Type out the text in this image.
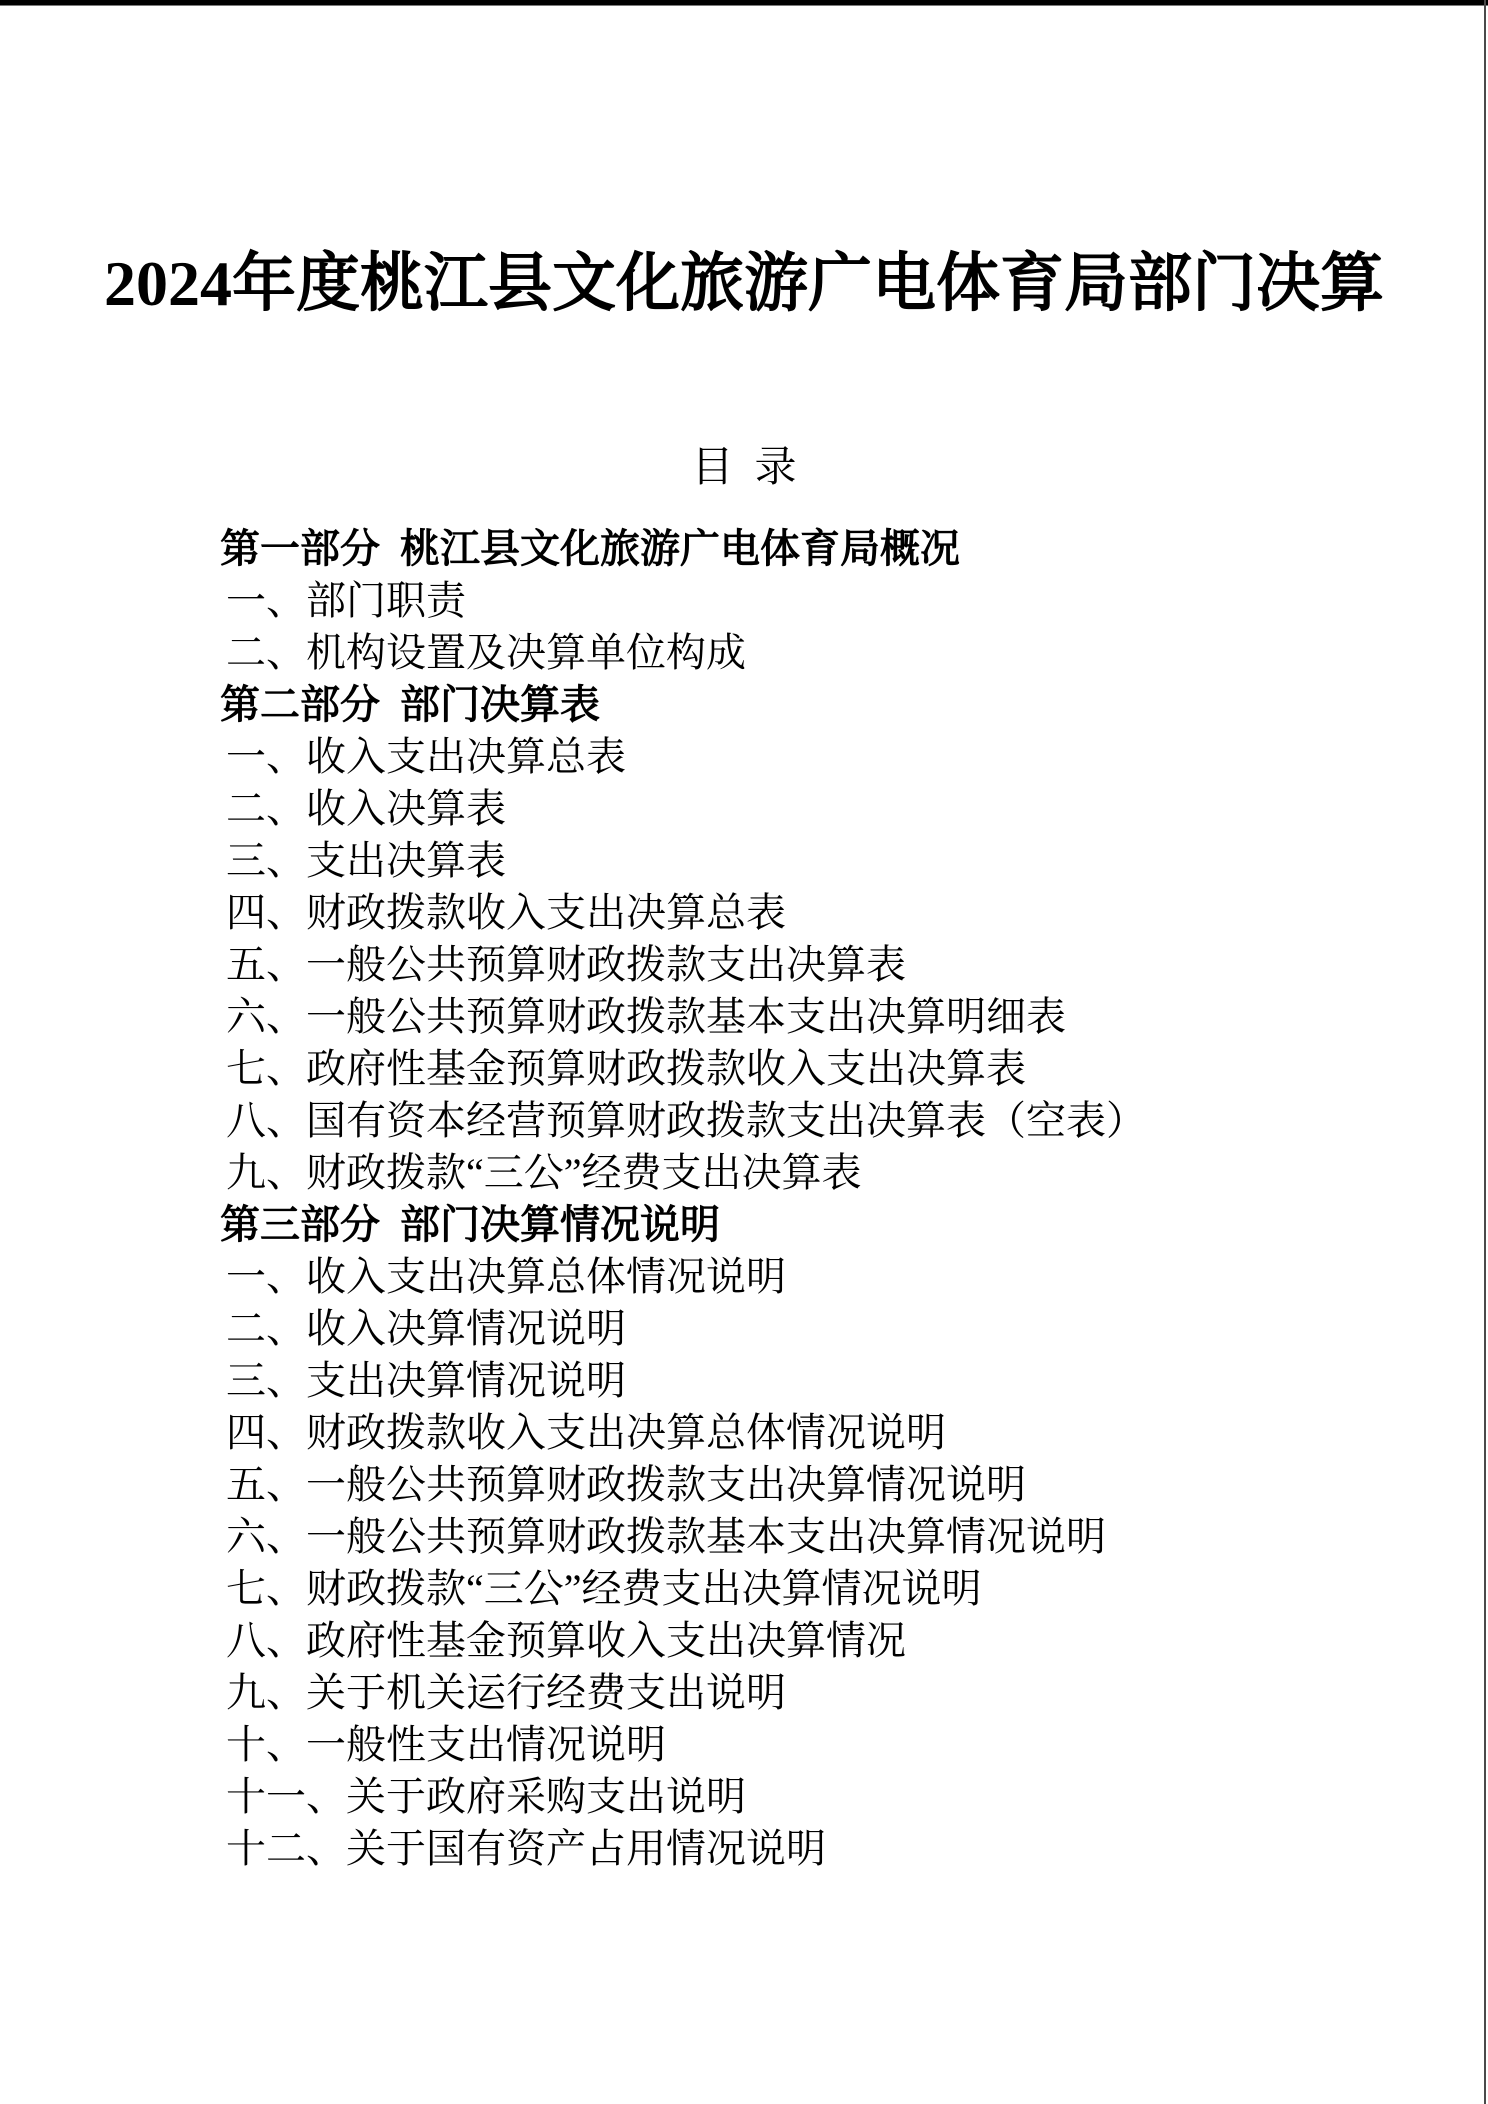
2024年度桃江县文化旅游广电体育局部门决算
目  录
第一部分  桃江县文化旅游广电体育局概况
一、部门职责
二、机构设置及决算单位构成
第二部分  部门决算表
一、收入支出决算总表
二、收入决算表
三、支出决算表
四、财政拨款收入支出决算总表
五、一般公共预算财政拨款支出决算表
六、一般公共预算财政拨款基本支出决算明细表
七、政府性基金预算财政拨款收入支出决算表
八、国有资本经营预算财政拨款支出决算表（空表）
九、财政拨款“三公”经费支出决算表
第三部分  部门决算情况说明
一、收入支出决算总体情况说明
二、收入决算情况说明
三、支出决算情况说明
四、财政拨款收入支出决算总体情况说明
五、一般公共预算财政拨款支出决算情况说明
六、一般公共预算财政拨款基本支出决算情况说明
七、财政拨款“三公”经费支出决算情况说明
八、政府性基金预算收入支出决算情况
九、关于机关运行经费支出说明
十、一般性支出情况说明
十一、关于政府采购支出说明
十二、关于国有资产占用情况说明
